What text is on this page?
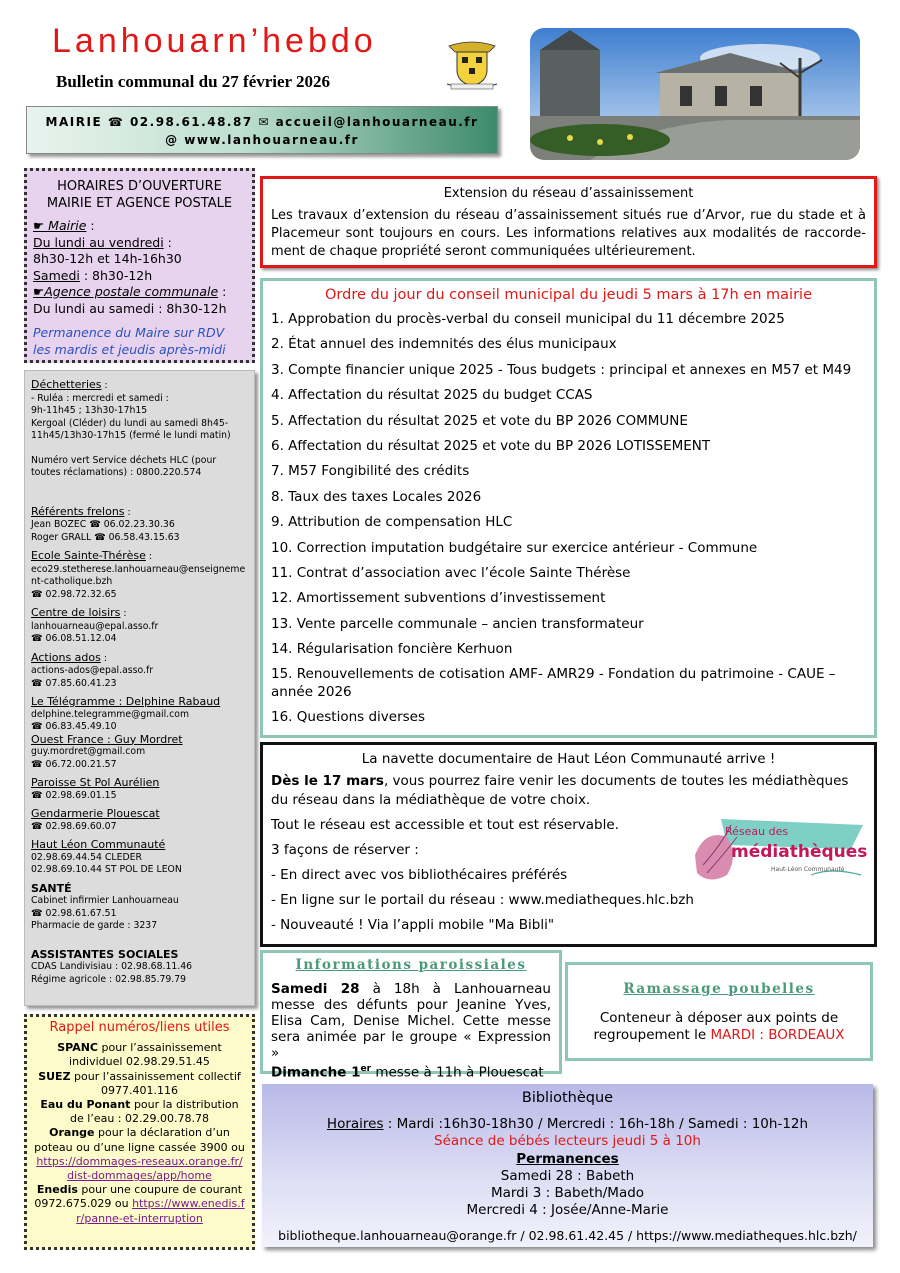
Lanhouarn’hebdo
Bulletin communal du 27 février 2026
MAIRIE ☎ 02.98.61.48.87 ✉ accueil@lanhouarneau.fr
@ www.lanhouarneau.fr
HORAIRES D’OUVERTURE
MAIRIE ET AGENCE POSTALE
☛ Mairie :
Du lundi au vendredi :
8h30-12h et 14h-16h30
Samedi : 8h30-12h
☛Agence postale communale :
Du lundi au samedi : 8h30-12h
Permanence du Maire sur RDV
les mardis et jeudis après-midi
Déchetteries :
- Ruléa : mercredi et samedi :
9h-11h45 ; 13h30-17h15
Kergoal (Cléder) du lundi au samedi 8h45-11h45/13h30-17h15 (fermé le lundi matin)
Numéro vert Service déchets HLC (pour toutes réclamations) : 0800.220.574
Référents frelons :
Jean BOZEC ☎ 06.02.23.30.36
Roger GRALL ☎ 06.58.43.15.63
Ecole Sainte-Thérèse :
eco29.stetherese.lanhouarneau@enseignement-catholique.bzh
☎ 02.98.72.32.65
Centre de loisirs :
lanhouarneau@epal.asso.fr
☎ 06.08.51.12.04
Actions ados :
actions-ados@epal.asso.fr
☎ 07.85.60.41.23
Le Télégramme : Delphine Rabaud
delphine.telegramme@gmail.com
☎ 06.83.45.49.10
Ouest France : Guy Mordret
guy.mordret@gmail.com
☎ 06.72.00.21.57
Paroisse St Pol Aurélien
☎ 02.98.69.01.15
Gendarmerie Plouescat
☎ 02.98.69.60.07
Haut Léon Communauté
02.98.69.44.54 CLEDER
02.98.69.10.44 ST POL DE LEON
SANTÉ
Cabinet infirmier Lanhouarneau
☎ 02.98.61.67.51
Pharmacie de garde : 3237
ASSISTANTES SOCIALES
CDAS Landivisiau : 02.98.68.11.46
Régime agricole : 02.98.85.79.79
Rappel numéros/liens utiles
SPANC pour l’assainissement individuel 02.98.29.51.45
SUEZ pour l’assainissement collectif 0977.401.116
Eau du Ponant pour la distribution de l’eau : 02.29.00.78.78
Orange pour la déclaration d’un poteau ou d’une ligne cassée 3900 ou https://dommages-reseaux.orange.fr/dist-dommages/app/home
Enedis pour une coupure de courant 0972.675.029 ou https://www.enedis.fr/panne-et-interruption
Extension du réseau d’assainissement
Les travaux d’extension du réseau d’assainissement situés rue d’Arvor, rue du stade et à Placemeur sont toujours en cours. Les informations relatives aux modalités de raccorde-ment de chaque propriété seront communiquées ultérieurement.
Ordre du jour du conseil municipal du jeudi 5 mars à 17h en mairie
1. Approbation du procès-verbal du conseil municipal du 11 décembre 2025
2. État annuel des indemnités des élus municipaux
3. Compte financier unique 2025 - Tous budgets : principal et annexes en M57 et M49
4. Affectation du résultat 2025 du budget CCAS
5. Affectation du résultat 2025 et vote du BP 2026 COMMUNE
6. Affectation du résultat 2025 et vote du BP 2026 LOTISSEMENT
7. M57 Fongibilité des crédits
8. Taux des taxes Locales 2026
9. Attribution de compensation HLC
10. Correction imputation budgétaire sur exercice antérieur - Commune
11. Contrat d’association avec l’école Sainte Thérèse
12. Amortissement subventions d’investissement
13. Vente parcelle communale – ancien transformateur
14. Régularisation foncière Kerhuon
15. Renouvellements de cotisation AMF- AMR29 - Fondation du patrimoine - CAUE – année 2026
16. Questions diverses
La navette documentaire de Haut Léon Communauté arrive !

Dès le 17 mars, vous pourrez faire venir les documents de toutes les médiathèques du réseau dans la médiathèque de votre choix.

Tout le réseau est accessible et tout est réservable.

3 façons de réserver :

- En direct avec vos bibliothécaires préférés

- En ligne sur le portail du réseau : www.mediatheques.hlc.bzh

- Nouveauté ! Via l’appli mobile "Ma Bibli"

Réseau des
médiathèques
Haut-Léon Communauté
Informations paroissiales
Samedi 28 à 18h à Lanhouarneau messe des défunts pour Jeanine Yves, Elisa Cam, Denise Michel. Cette messe sera animée par le groupe « Expression »
Dimanche 1er messe à 11h à Plouescat
Ramassage poubelles
Conteneur à déposer aux points de regroupement le MARDI : BORDEAUX
Bibliothèque
Horaires : Mardi :16h30-18h30 / Mercredi : 16h-18h / Samedi : 10h-12h
Séance de bébés lecteurs jeudi 5 à 10h
Permanences
Samedi 28 : Babeth
Mardi 3 : Babeth/Mado
Mercredi 4 : Josée/Anne-Marie
bibliotheque.lanhouarneau@orange.fr / 02.98.61.42.45 / https://www.mediatheques.hlc.bzh/
